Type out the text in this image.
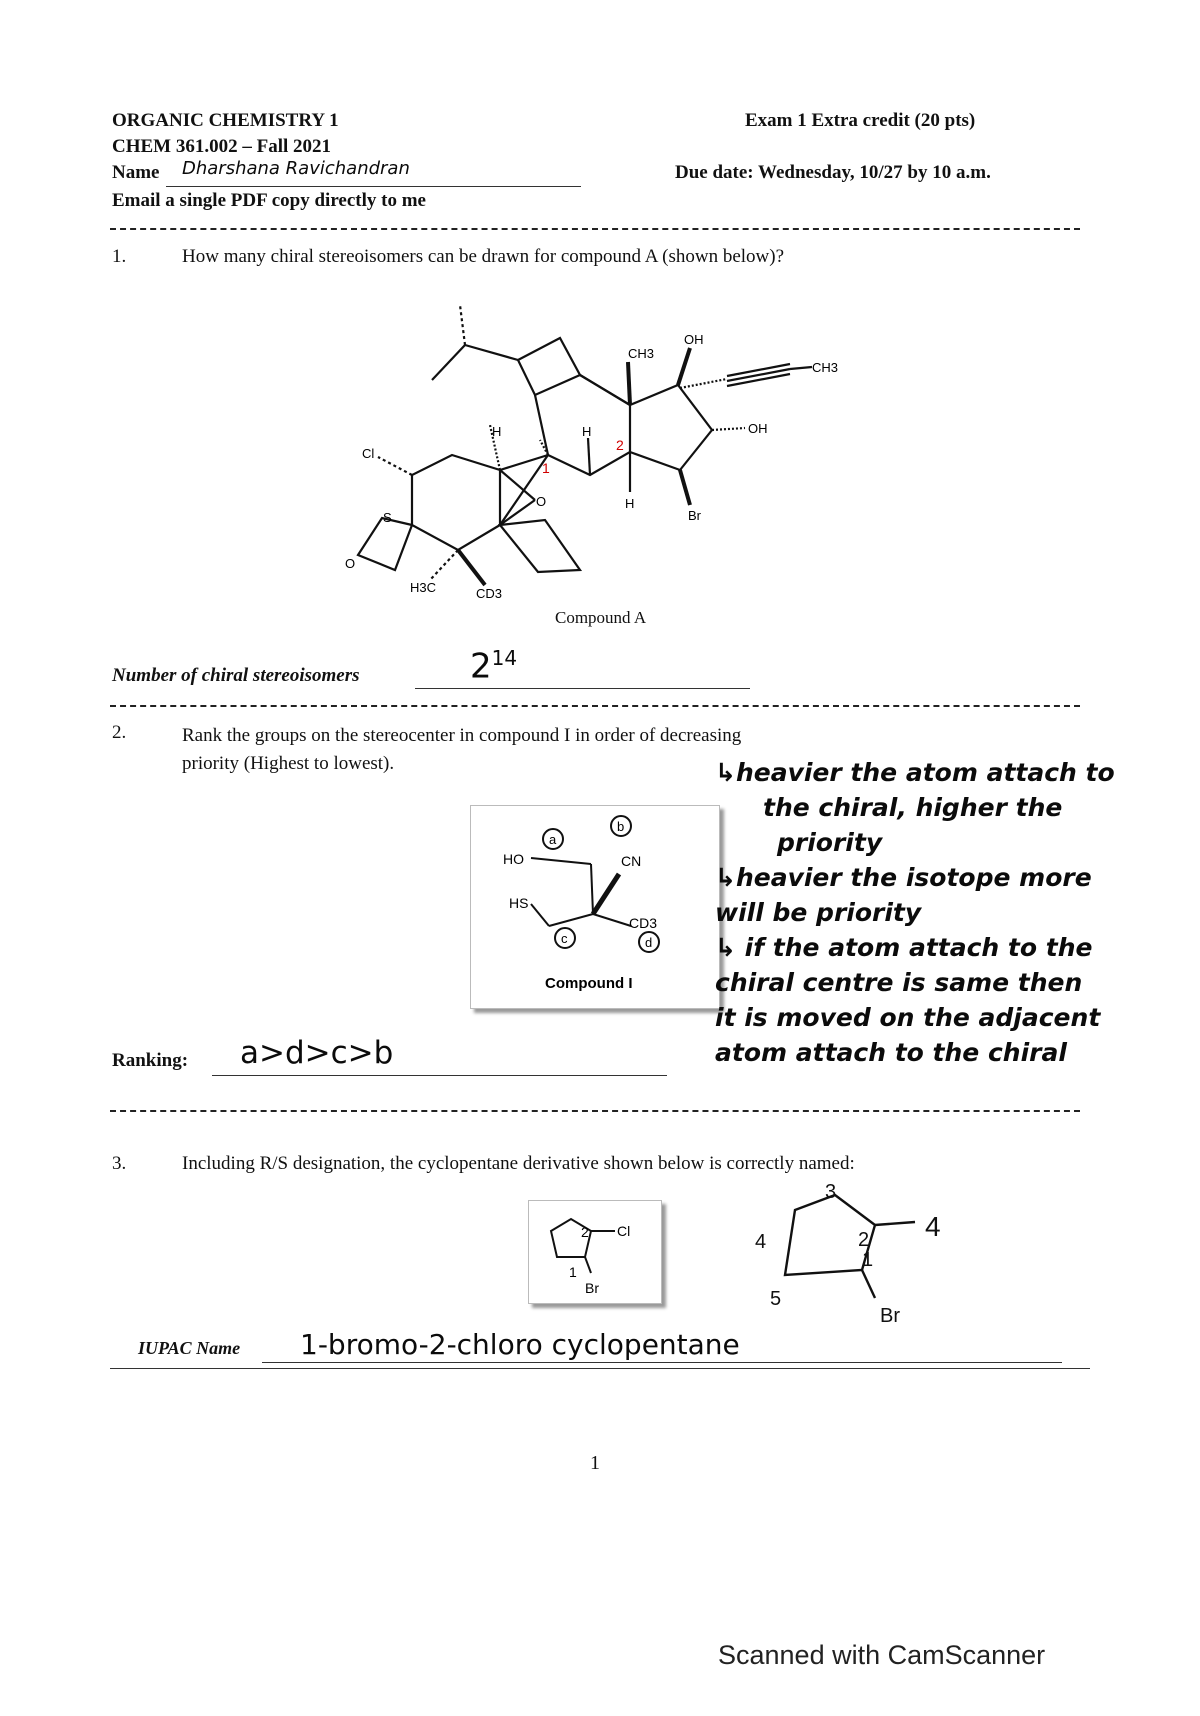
ORGANIC CHEMISTRY 1
CHEM 361.002 – Fall 2021
Name Dharshana Ravichandran
Email a single PDF copy directly to me
Exam 1 Extra credit (20 pts)
Due date: Wednesday, 10/27 by 10 a.m.
1.	How many chiral stereoisomers can be drawn for compound A (shown below)?
CH3
OH
CH3
OH
H	H
H
Br
O
Cl
S
O
H3C	CD3
1
2
Compound A
Number of chiral stereoisomers	$2^{14}$
2.	Rank the groups on the stereocenter in compound I in order of decreasing priority (Highest to lowest).
HO	CN
HS
CD3
a
b
c	d
Compound I
↳heavier the atom attach to
the chiral, higher the
priority
↳heavier the isotope more
will be priority
↳ if the atom attach to the
chiral centre is same then
it is moved on the adjacent
atom attach to the chiral
Ranking: a>d>c>b
3.	Including R/S designation, the cyclopentane derivative shown below is correctly named:
Cl
Br
1
2
3
4	2
1
5
4
Br
IUPAC Name 1-bromo-2-chloro cyclopentane
1
Scanned with CamScanner
